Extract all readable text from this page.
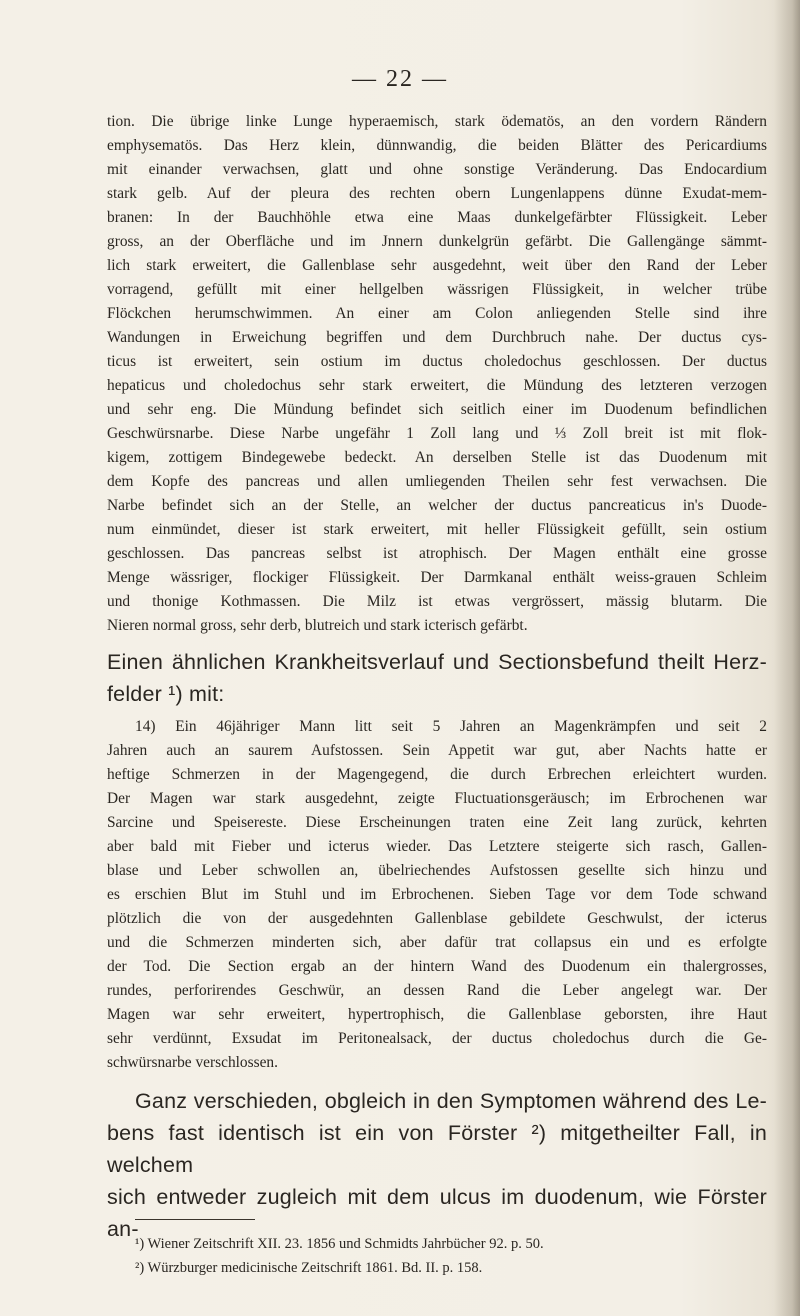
— 22 —
tion. Die übrige linke Lunge hyperaemisch, stark ödematös, an den vordern Rändern
emphysematös. Das Herz klein, dünnwandig, die beiden Blätter des Pericardiums
mit einander verwachsen, glatt und ohne sonstige Veränderung. Das Endocardium
stark gelb. Auf der pleura des rechten obern Lungenlappens dünne Exudat-mem-
branen: In der Bauchhöhle etwa eine Maas dunkelgefärbter Flüssigkeit. Leber
gross, an der Oberfläche und im Jnnern dunkelgrün gefärbt. Die Gallengänge sämmt-
lich stark erweitert, die Gallenblase sehr ausgedehnt, weit über den Rand der Leber
vorragend, gefüllt mit einer hellgelben wässrigen Flüssigkeit, in welcher trübe
Flöckchen herumschwimmen. An einer am Colon anliegenden Stelle sind ihre
Wandungen in Erweichung begriffen und dem Durchbruch nahe. Der ductus cys-
ticus ist erweitert, sein ostium im ductus choledochus geschlossen. Der ductus
hepaticus und choledochus sehr stark erweitert, die Mündung des letzteren verzogen
und sehr eng. Die Mündung befindet sich seitlich einer im Duodenum befindlichen
Geschwürsnarbe. Diese Narbe ungefähr 1 Zoll lang und ⅓ Zoll breit ist mit flok-
kigem, zottigem Bindegewebe bedeckt. An derselben Stelle ist das Duodenum mit
dem Kopfe des pancreas und allen umliegenden Theilen sehr fest verwachsen. Die
Narbe befindet sich an der Stelle, an welcher der ductus pancreaticus in's Duode-
num einmündet, dieser ist stark erweitert, mit heller Flüssigkeit gefüllt, sein ostium
geschlossen. Das pancreas selbst ist atrophisch. Der Magen enthält eine grosse
Menge wässriger, flockiger Flüssigkeit. Der Darmkanal enthält weiss-grauen Schleim
und thonige Kothmassen. Die Milz ist etwas vergrössert, mässig blutarm. Die
Nieren normal gross, sehr derb, blutreich und stark icterisch gefärbt.
Einen ähnlichen Krankheitsverlauf und Sectionsbefund theilt Herz-
felder ¹) mit:
14) Ein 46jähriger Mann litt seit 5 Jahren an Magenkrämpfen und seit 2
Jahren auch an saurem Aufstossen. Sein Appetit war gut, aber Nachts hatte er
heftige Schmerzen in der Magengegend, die durch Erbrechen erleichtert wurden.
Der Magen war stark ausgedehnt, zeigte Fluctuationsgeräusch; im Erbrochenen war
Sarcine und Speisereste. Diese Erscheinungen traten eine Zeit lang zurück, kehrten
aber bald mit Fieber und icterus wieder. Das Letztere steigerte sich rasch, Gallen-
blase und Leber schwollen an, übelriechendes Aufstossen gesellte sich hinzu und
es erschien Blut im Stuhl und im Erbrochenen. Sieben Tage vor dem Tode schwand
plötzlich die von der ausgedehnten Gallenblase gebildete Geschwulst, der icterus
und die Schmerzen minderten sich, aber dafür trat collapsus ein und es erfolgte
der Tod. Die Section ergab an der hintern Wand des Duodenum ein thalergrosses,
rundes, perforirendes Geschwür, an dessen Rand die Leber angelegt war. Der
Magen war sehr erweitert, hypertrophisch, die Gallenblase geborsten, ihre Haut
sehr verdünnt, Exsudat im Peritonealsack, der ductus choledochus durch die Ge-
schwürsnarbe verschlossen.
Ganz verschieden, obgleich in den Symptomen während des Le-
bens fast identisch ist ein von Förster ²) mitgetheilter Fall, in welchem
sich entweder zugleich mit dem ulcus im duodenum, wie Förster an-
¹) Wiener Zeitschrift XII. 23. 1856 und Schmidts Jahrbücher 92. p. 50.
²) Würzburger medicinische Zeitschrift 1861. Bd. II. p. 158.
